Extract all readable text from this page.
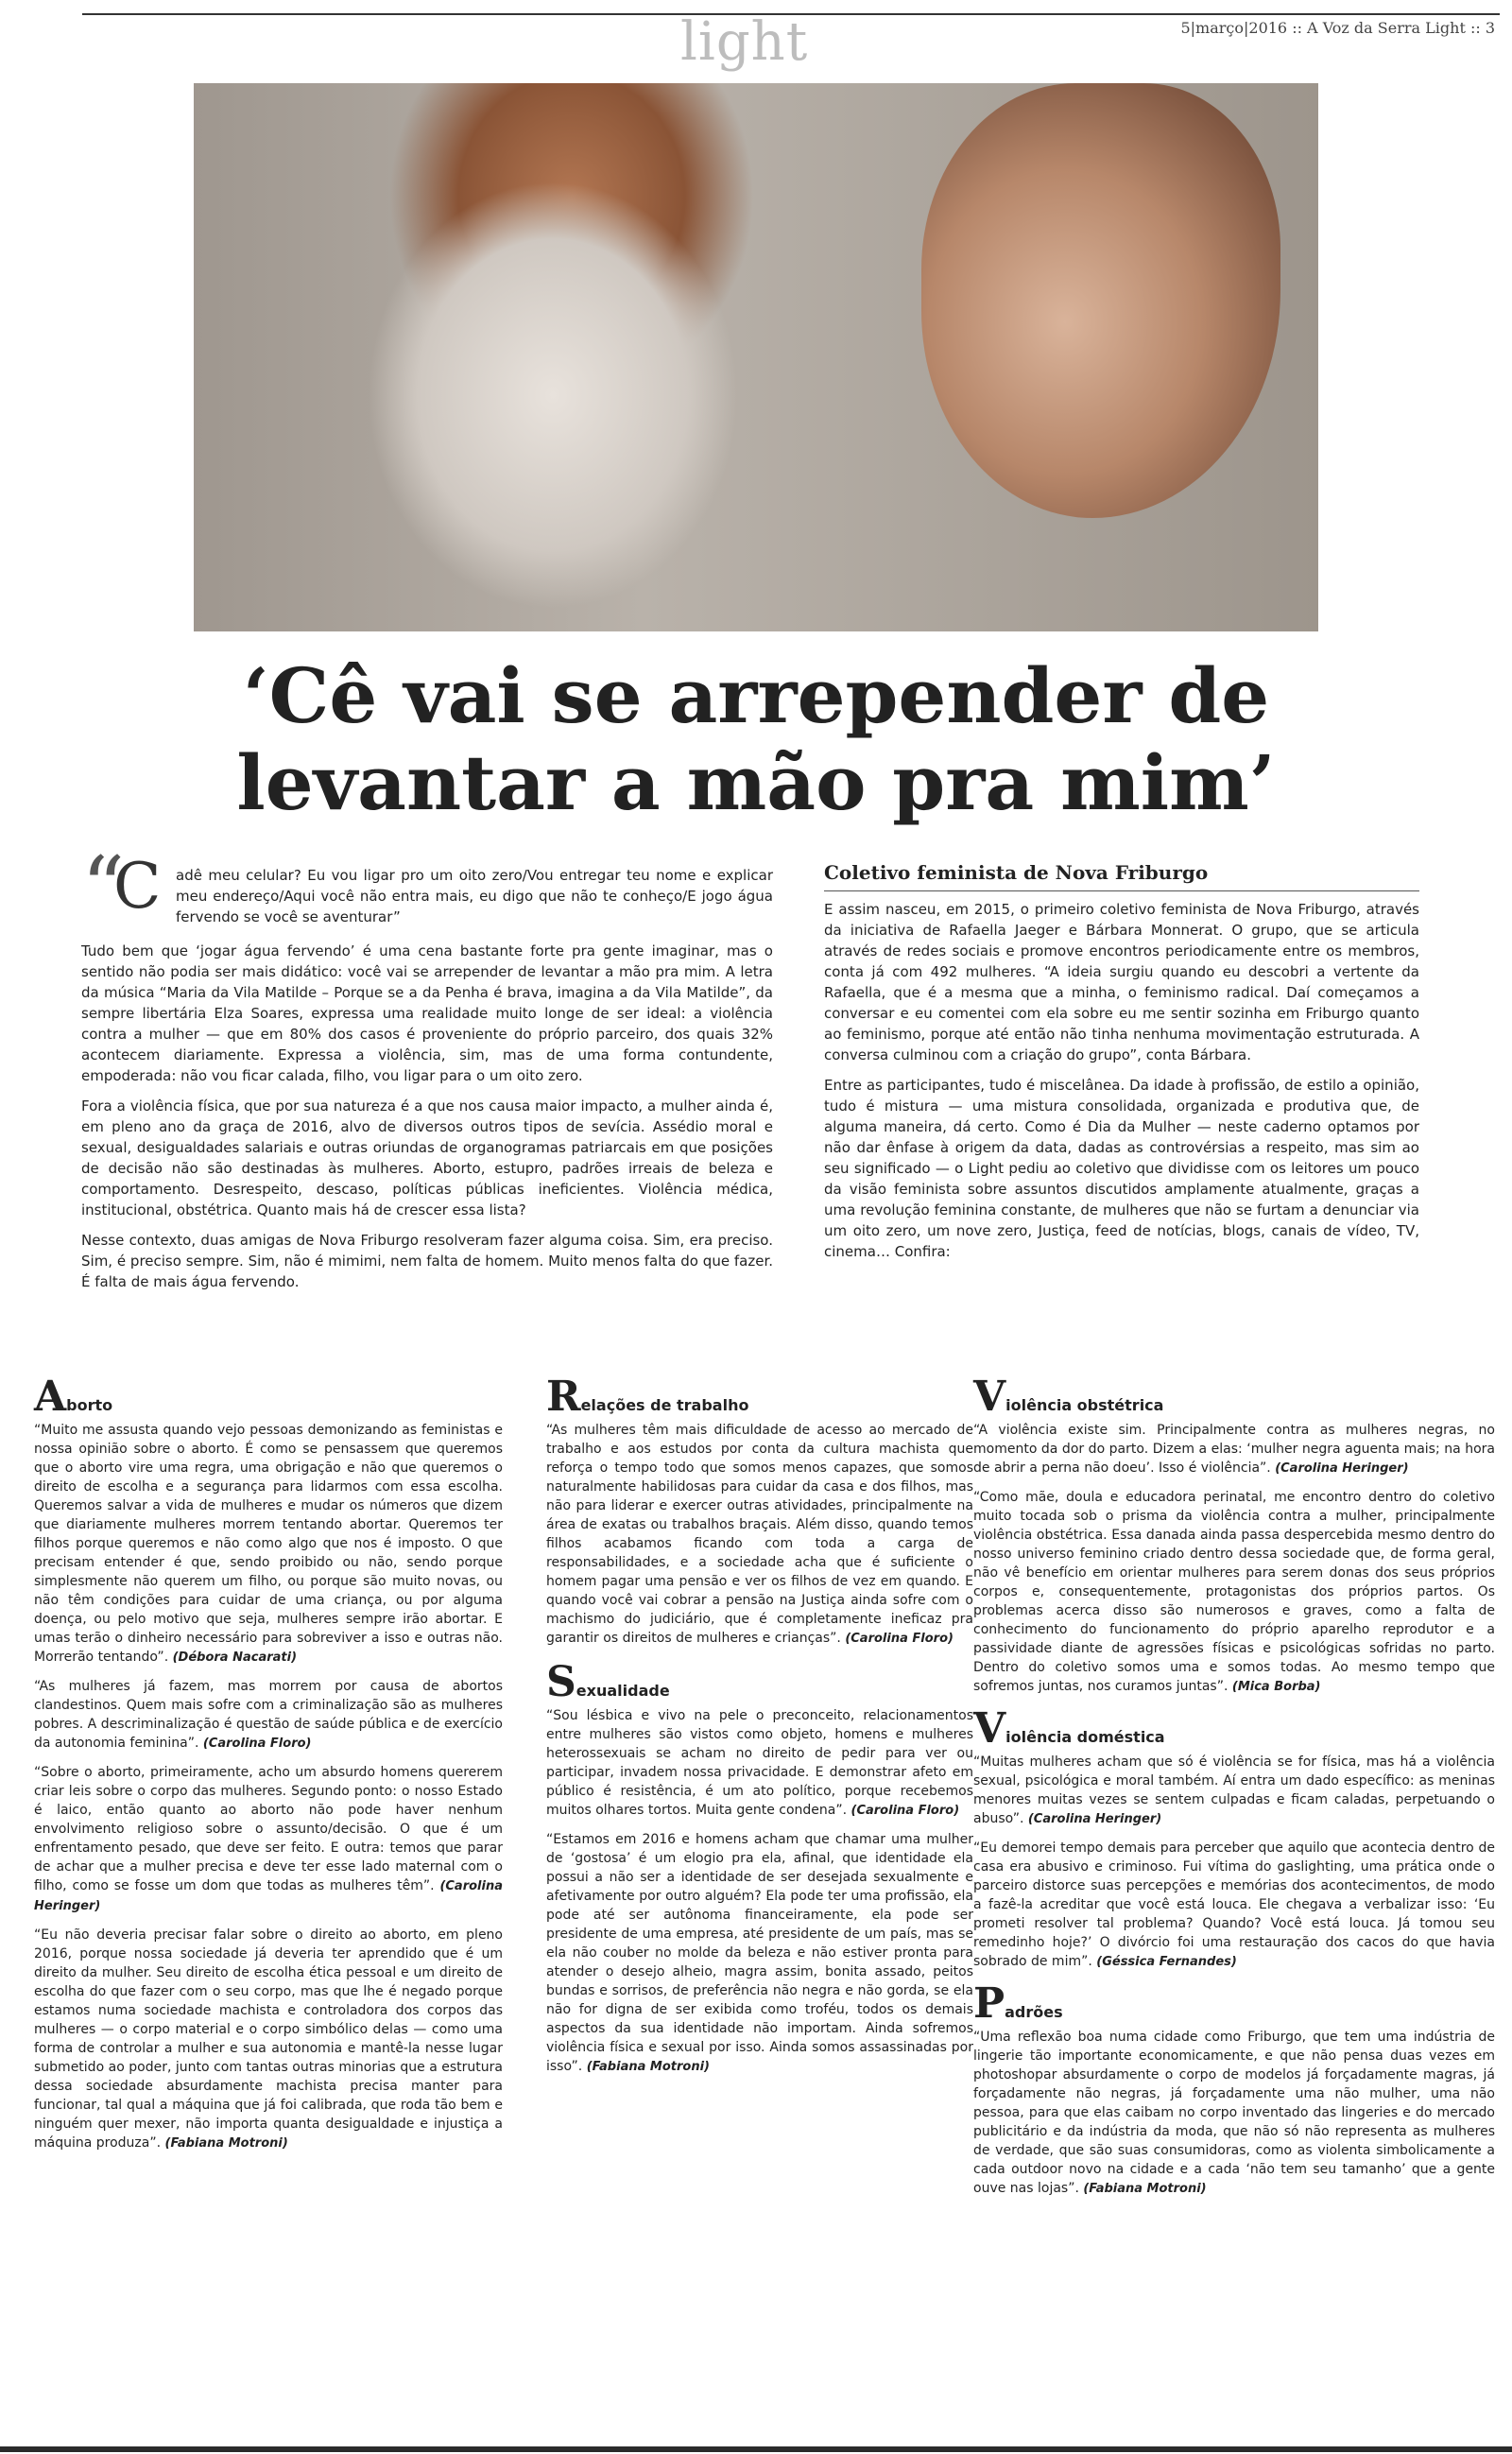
light	5|março|2016 :: A Voz da Serra Light :: 3
‘Cê vai se arrepender de levantar a mão pra mim’
“
C adê meu celular? Eu vou ligar pro um oito zero/Vou entregar teu nome e explicar meu endereço/Aqui você não entra mais, eu digo que não te conheço/E jogo água fervendo se você se aventurar”

Tudo bem que ‘jogar água fervendo’ é uma cena bastante forte pra gente imaginar, mas o sentido não podia ser mais didático: você vai se arrepender de levantar a mão pra mim. A letra da música “Maria da Vila Matilde – Porque se a da Penha é brava, imagina a da Vila Matilde”, da sempre libertária Elza Soares, expressa uma realidade muito longe de ser ideal: a violência contra a mulher — que em 80% dos casos é proveniente do próprio parceiro, dos quais 32% acontecem diariamente. Expressa a violência, sim, mas de uma forma contundente, empoderada: não vou ficar calada, filho, vou ligar para o um oito zero.

Fora a violência física, que por sua natureza é a que nos causa maior impacto, a mulher ainda é, em pleno ano da graça de 2016, alvo de diversos outros tipos de sevícia. Assédio moral e sexual, desigualdades salariais e outras oriundas de organogramas patriarcais em que posições de decisão não são destinadas às mulheres. Aborto, estupro, padrões irreais de beleza e comportamento. Desrespeito, descaso, políticas públicas ineficientes. Violência médica, institucional, obstétrica. Quanto mais há de crescer essa lista?

Nesse contexto, duas amigas de Nova Friburgo resolveram fazer alguma coisa. Sim, era preciso. Sim, é preciso sempre. Sim, não é mimimi, nem falta de homem. Muito menos falta do que fazer. É falta de mais água fervendo.

Coletivo feminista de Nova Friburgo

E assim nasceu, em 2015, o primeiro coletivo feminista de Nova Friburgo, através da iniciativa de Rafaella Jaeger e Bárbara Monnerat. O grupo, que se articula através de redes sociais e promove encontros periodicamente entre os membros, conta já com 492 mulheres. “A ideia surgiu quando eu descobri a vertente da Rafaella, que é a mesma que a minha, o feminismo radical. Daí começamos a conversar e eu comentei com ela sobre eu me sentir sozinha em Friburgo quanto ao feminismo, porque até então não tinha nenhuma movimentação estruturada. A conversa culminou com a criação do grupo”, conta Bárbara.

Entre as participantes, tudo é miscelânea. Da idade à profissão, de estilo a opinião, tudo é mistura — uma mistura consolidada, organizada e produtiva que, de alguma maneira, dá certo. Como é Dia da Mulher — neste caderno optamos por não dar ênfase à origem da data, dadas as controvérsias a respeito, mas sim ao seu significado — o Light pediu ao coletivo que dividisse com os leitores um pouco da visão feminista sobre assuntos discutidos amplamente atualmente, graças a uma revolução feminina constante, de mulheres que não se furtam a denunciar via um oito zero, um nove zero, Justiça, feed de notícias, blogs, canais de vídeo, TV, cinema… Confira:

Aborto

“Muito me assusta quando vejo pessoas demonizando as feministas e nossa opinião sobre o aborto. É como se pensassem que queremos que o aborto vire uma regra, uma obrigação e não que queremos o direito de escolha e a segurança para lidarmos com essa escolha. Queremos salvar a vida de mulheres e mudar os números que dizem que diariamente mulheres morrem tentando abortar. Queremos ter filhos porque queremos e não como algo que nos é imposto. O que precisam entender é que, sendo proibido ou não, sendo porque simplesmente não querem um filho, ou porque são muito novas, ou não têm condições para cuidar de uma criança, ou por alguma doença, ou pelo motivo que seja, mulheres sempre irão abortar. E umas terão o dinheiro necessário para sobreviver a isso e outras não. Morrerão tentando”. (Débora Nacarati)

“As mulheres já fazem, mas morrem por causa de abortos clandestinos. Quem mais sofre com a criminalização são as mulheres pobres. A descriminalização é questão de saúde pública e de exercício da autonomia feminina”. (Carolina Floro)

“Sobre o aborto, primeiramente, acho um absurdo homens quererem criar leis sobre o corpo das mulheres. Segundo ponto: o nosso Estado é laico, então quanto ao aborto não pode haver nenhum envolvimento religioso sobre o assunto/decisão. O que é um enfrentamento pesado, que deve ser feito. E outra: temos que parar de achar que a mulher precisa e deve ter esse lado maternal com o filho, como se fosse um dom que todas as mulheres têm”. (Carolina Heringer)

“Eu não deveria precisar falar sobre o direito ao aborto, em pleno 2016, porque nossa sociedade já deveria ter aprendido que é um direito da mulher. Seu direito de escolha ética pessoal e um direito de escolha do que fazer com o seu corpo, mas que lhe é negado porque estamos numa sociedade machista e controladora dos corpos das mulheres — o corpo material e o corpo simbólico delas — como uma forma de controlar a mulher e sua autonomia e mantê-la nesse lugar submetido ao poder, junto com tantas outras minorias que a estrutura dessa sociedade absurdamente machista precisa manter para funcionar, tal qual a máquina que já foi calibrada, que roda tão bem e ninguém quer mexer, não importa quanta desigualdade e injustiça a máquina produza”. (Fabiana Motroni)

Relações de trabalho

“As mulheres têm mais dificuldade de acesso ao mercado de trabalho e aos estudos por conta da cultura machista que reforça o tempo todo que somos menos capazes, que somos naturalmente habilidosas para cuidar da casa e dos filhos, mas não para liderar e exercer outras atividades, principalmente na área de exatas ou trabalhos braçais. Além disso, quando temos filhos acabamos ficando com toda a carga de responsabilidades, e a sociedade acha que é suficiente o homem pagar uma pensão e ver os filhos de vez em quando. E quando você vai cobrar a pensão na Justiça ainda sofre com o machismo do judiciário, que é completamente ineficaz pra garantir os direitos de mulheres e crianças”. (Carolina Floro)

Sexualidade

“Sou lésbica e vivo na pele o preconceito, relacionamentos entre mulheres são vistos como objeto, homens e mulheres heterossexuais se acham no direito de pedir para ver ou participar, invadem nossa privacidade. E demonstrar afeto em público é resistência, é um ato político, porque recebemos muitos olhares tortos. Muita gente condena”. (Carolina Floro)

“Estamos em 2016 e homens acham que chamar uma mulher de ‘gostosa’ é um elogio pra ela, afinal, que identidade ela possui a não ser a identidade de ser desejada sexualmente e afetivamente por outro alguém? Ela pode ter uma profissão, ela pode até ser autônoma financeiramente, ela pode ser presidente de uma empresa, até presidente de um país, mas se ela não couber no molde da beleza e não estiver pronta para atender o desejo alheio, magra assim, bonita assado, peitos bundas e sorrisos, de preferência não negra e não gorda, se ela não for digna de ser exibida como troféu, todos os demais aspectos da sua identidade não importam. Ainda sofremos violência física e sexual por isso. Ainda somos assassinadas por isso”. (Fabiana Motroni)

Violência obstétrica

“A violência existe sim. Principalmente contra as mulheres negras, no momento da dor do parto. Dizem a elas: ‘mulher negra aguenta mais; na hora de abrir a perna não doeu’. Isso é violência”. (Carolina Heringer)

“Como mãe, doula e educadora perinatal, me encontro dentro do coletivo muito tocada sob o prisma da violência contra a mulher, principalmente violência obstétrica. Essa danada ainda passa despercebida mesmo dentro do nosso universo feminino criado dentro dessa sociedade que, de forma geral, não vê benefício em orientar mulheres para serem donas dos seus próprios corpos e, consequentemente, protagonistas dos próprios partos. Os problemas acerca disso são numerosos e graves, como a falta de conhecimento do funcionamento do próprio aparelho reprodutor e a passividade diante de agressões físicas e psicológicas sofridas no parto. Dentro do coletivo somos uma e somos todas. Ao mesmo tempo que sofremos juntas, nos curamos juntas”. (Mica Borba)

Violência doméstica

“Muitas mulheres acham que só é violência se for física, mas há a violência sexual, psicológica e moral também. Aí entra um dado específico: as meninas menores muitas vezes se sentem culpadas e ficam caladas, perpetuando o abuso”. (Carolina Heringer)

“Eu demorei tempo demais para perceber que aquilo que acontecia dentro de casa era abusivo e criminoso. Fui vítima do gaslighting, uma prática onde o parceiro distorce suas percepções e memórias dos acontecimentos, de modo a fazê-la acreditar que você está louca. Ele chegava a verbalizar isso: ‘Eu prometi resolver tal problema? Quando? Você está louca. Já tomou seu remedinho hoje?’ O divórcio foi uma restauração dos cacos do que havia sobrado de mim”. (Géssica Fernandes)

Padrões

“Uma reflexão boa numa cidade como Friburgo, que tem uma indústria de lingerie tão importante economicamente, e que não pensa duas vezes em photoshopar absurdamente o corpo de modelos já forçadamente magras, já forçadamente não negras, já forçadamente uma não mulher, uma não pessoa, para que elas caibam no corpo inventado das lingeries e do mercado publicitário e da indústria da moda, que não só não representa as mulheres de verdade, que são suas consumidoras, como as violenta simbolicamente a cada outdoor novo na cidade e a cada ‘não tem seu tamanho’ que a gente ouve nas lojas”. (Fabiana Motroni)
